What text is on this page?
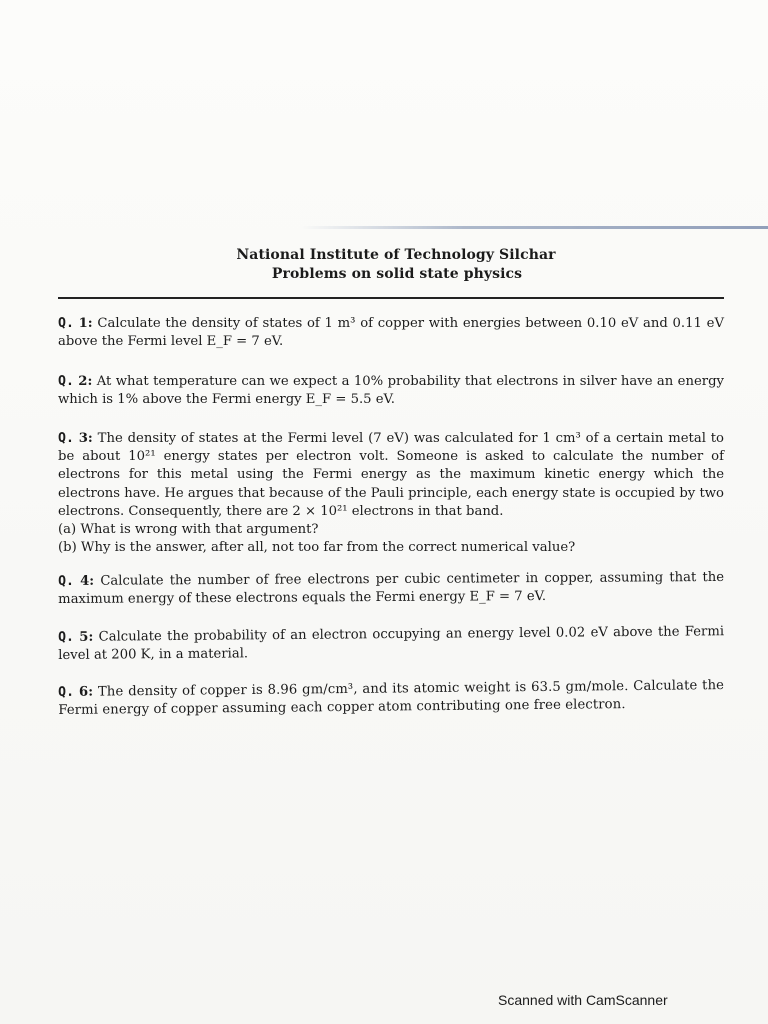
National Institute of Technology Silchar
Problems on solid state physics
Q. 1: Calculate the density of states of 1 m³ of copper with energies between 0.10 eV and 0.11 eV above the Fermi level E_F = 7 eV.
Q. 2: At what temperature can we expect a 10% probability that electrons in silver have an energy which is 1% above the Fermi energy E_F = 5.5 eV.
Q. 3: The density of states at the Fermi level (7 eV) was calculated for 1 cm³ of a certain metal to be about 10²¹ energy states per electron volt. Someone is asked to calculate the number of electrons for this metal using the Fermi energy as the maximum kinetic energy which the electrons have. He argues that because of the Pauli principle, each energy state is occupied by two electrons. Consequently, there are 2 × 10²¹ electrons in that band.
(a) What is wrong with that argument?
(b) Why is the answer, after all, not too far from the correct numerical value?
Q. 4: Calculate the number of free electrons per cubic centimeter in copper, assuming that the maximum energy of these electrons equals the Fermi energy E_F = 7 eV.
Q. 5: Calculate the probability of an electron occupying an energy level 0.02 eV above the Fermi level at 200 K, in a material.
Q. 6: The density of copper is 8.96 gm/cm³, and its atomic weight is 63.5 gm/mole. Calculate the Fermi energy of copper assuming each copper atom contributing one free electron.
Scanned with CamScanner
